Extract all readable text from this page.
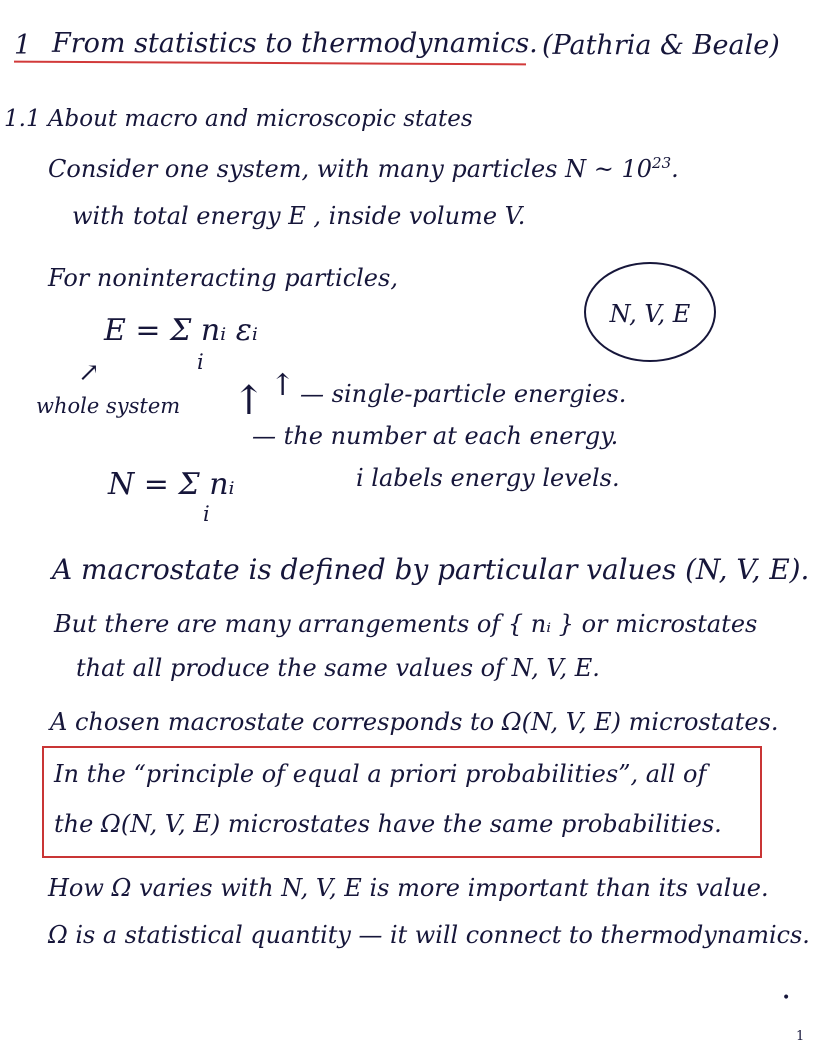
1 From statistics to thermodynamics. (Pathria & Beale)
1.1 About macro and microscopic states
Consider one system, with many particles N ~ $10^{23}$.
with total energy E , inside volume V.
For noninteracting particles,
N, V, E
E = Σ nᵢ εᵢ
i
↗
whole system ↑ ↑ — single-particle energies.
— the number at each energy.
N = Σ nᵢ
i
i labels energy levels.
A macrostate is defined by particular values (N, V, E).
But there are many arrangements of { nᵢ } or microstates
that all produce the same values of N, V, E.
A chosen macrostate corresponds to Ω(N, V, E) microstates.
In the “principle of equal a priori probabilities”, all of
the Ω(N, V, E) microstates have the same probabilities.
How Ω varies with N, V, E is more important than its value.
Ω is a statistical quantity — it will connect to thermodynamics.
•
1
